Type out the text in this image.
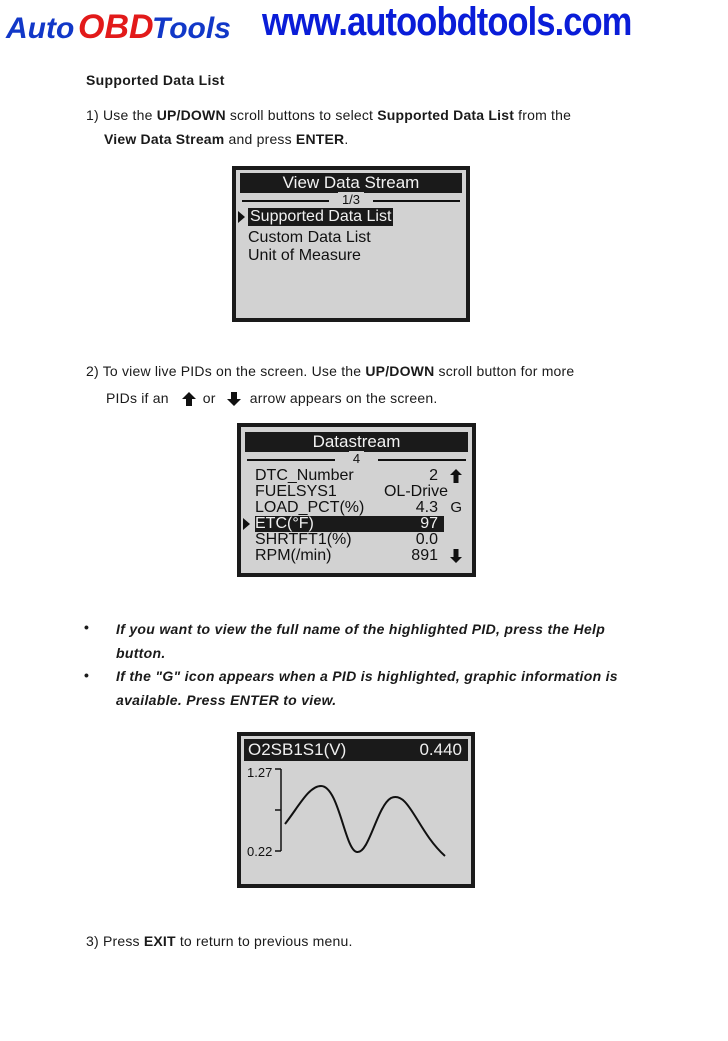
Auto OBD
Tools www.autoobdtools.com
Supported Data List
1) Use the UP/DOWN scroll buttons to select Supported Data List from the
View Data Stream and press ENTER.
View Data Stream
1/3
Supported Data List
Custom Data List
Unit of Measure
2) To view live PIDs on the screen. Use the UP/DOWN scroll button for more
PIDs if an or arrow appears on the screen.
Datastream
4
DTC_Number	2
FUELSYS1	OL-Drive
LOAD_PCT(%)	4.3 G
ETC(°F)	97
SHRTFT1(%)	0.0
RPM(/min)	891
• If you want to view the full name of the highlighted PID, press the Help
button.
• If the "G" icon appears when a PID is highlighted, graphic information is
available. Press ENTER to view.
O2SB1S1(V)	0.440
1.27
0.22
3) Press EXIT to return to previous menu.
